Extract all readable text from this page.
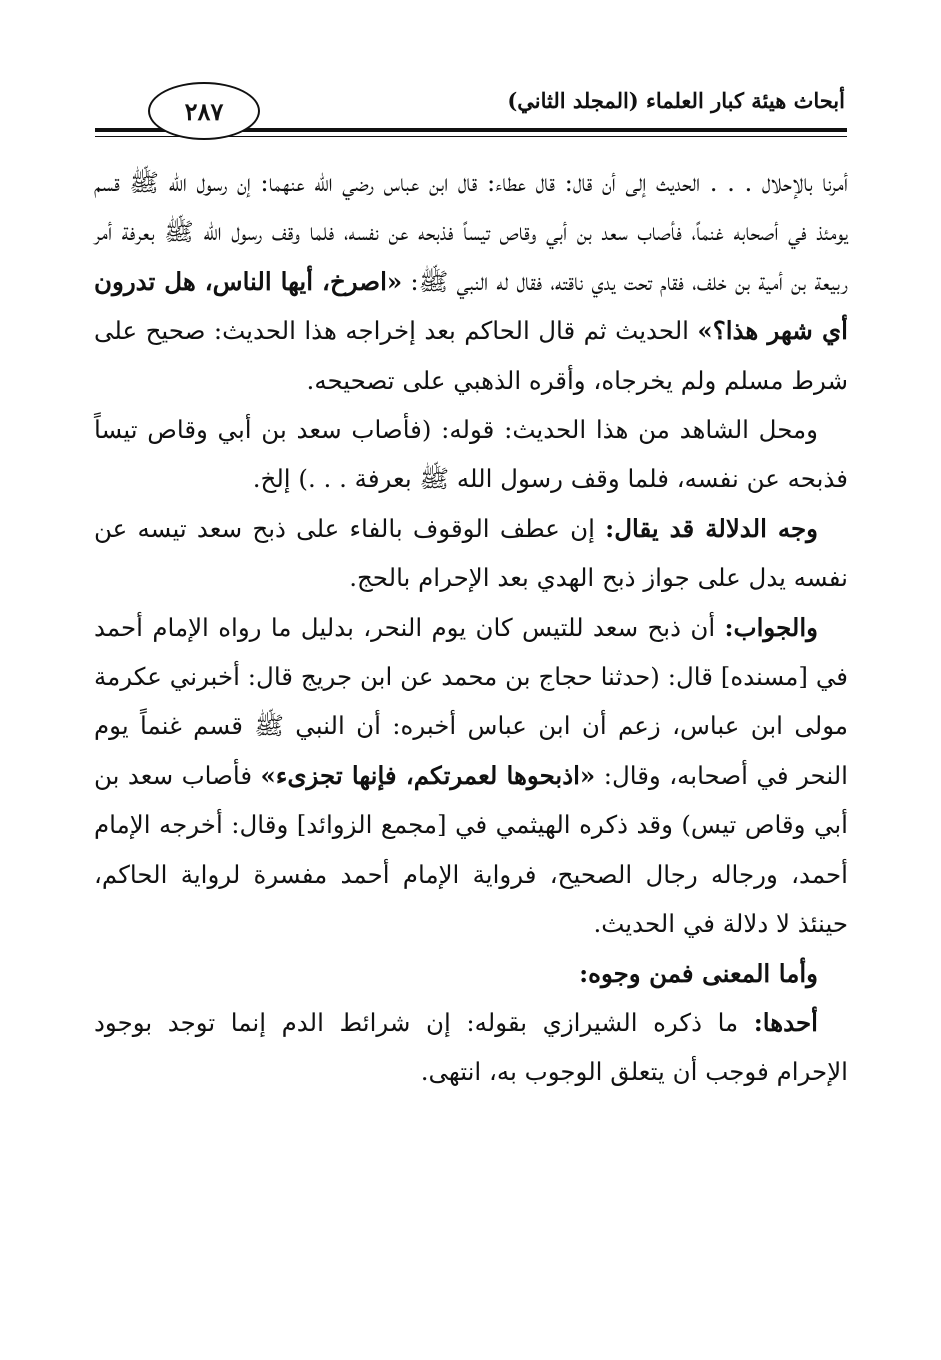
٢٨٧	أبحاث هيئة كبار العلماء (المجلد الثاني)

أمرنا بالإحلال . . . الحديث إلى أن قال: قال عطاء: قال ابن عباس رضي الله عنهما: إن رسول الله ﷺ قسم يومئذ في أصحابه غنماً، فأصاب سعد بن أبي وقاص تيساً فذبحه عن نفسه، فلما وقف رسول الله ﷺ بعرفة أمر ربيعة بن أمية بن خلف، فقام تحت يدي ناقته، فقال له النبي ﷺ: «اصرخ، أيها الناس، هل تدرون أي شهر هذا؟» الحديث ثم قال الحاكم بعد إخراجه هذا الحديث: صحيح على شرط مسلم ولم يخرجاه، وأقره الذهبي على تصحيحه.

ومحل الشاهد من هذا الحديث: قوله: (فأصاب سعد بن أبي وقاص تيساً فذبحه عن نفسه، فلما وقف رسول الله ﷺ بعرفة . . .) إلخ.

وجه الدلالة قد يقال: إن عطف الوقوف بالفاء على ذبح سعد تيسه عن نفسه يدل على جواز ذبح الهدي بعد الإحرام بالحج.

والجواب: أن ذبح سعد للتيس كان يوم النحر، بدليل ما رواه الإمام أحمد في [مسنده] قال: (حدثنا حجاج بن محمد عن ابن جريج قال: أخبرني عكرمة مولى ابن عباس، زعم أن ابن عباس أخبره: أن النبي ﷺ قسم غنماً يوم النحر في أصحابه، وقال: «اذبحوها لعمرتكم، فإنها تجزىء» فأصاب سعد بن أبي وقاص تيس) وقد ذكره الهيثمي في [مجمع الزوائد] وقال: أخرجه الإمام أحمد، ورجاله رجال الصحيح، فرواية الإمام أحمد مفسرة لرواية الحاكم، حينئذ لا دلالة في الحديث.

وأما المعنى فمن وجوه:

أحدها: ما ذكره الشيرازي بقوله: إن شرائط الدم إنما توجد بوجود الإحرام فوجب أن يتعلق الوجوب به، انتهى.
